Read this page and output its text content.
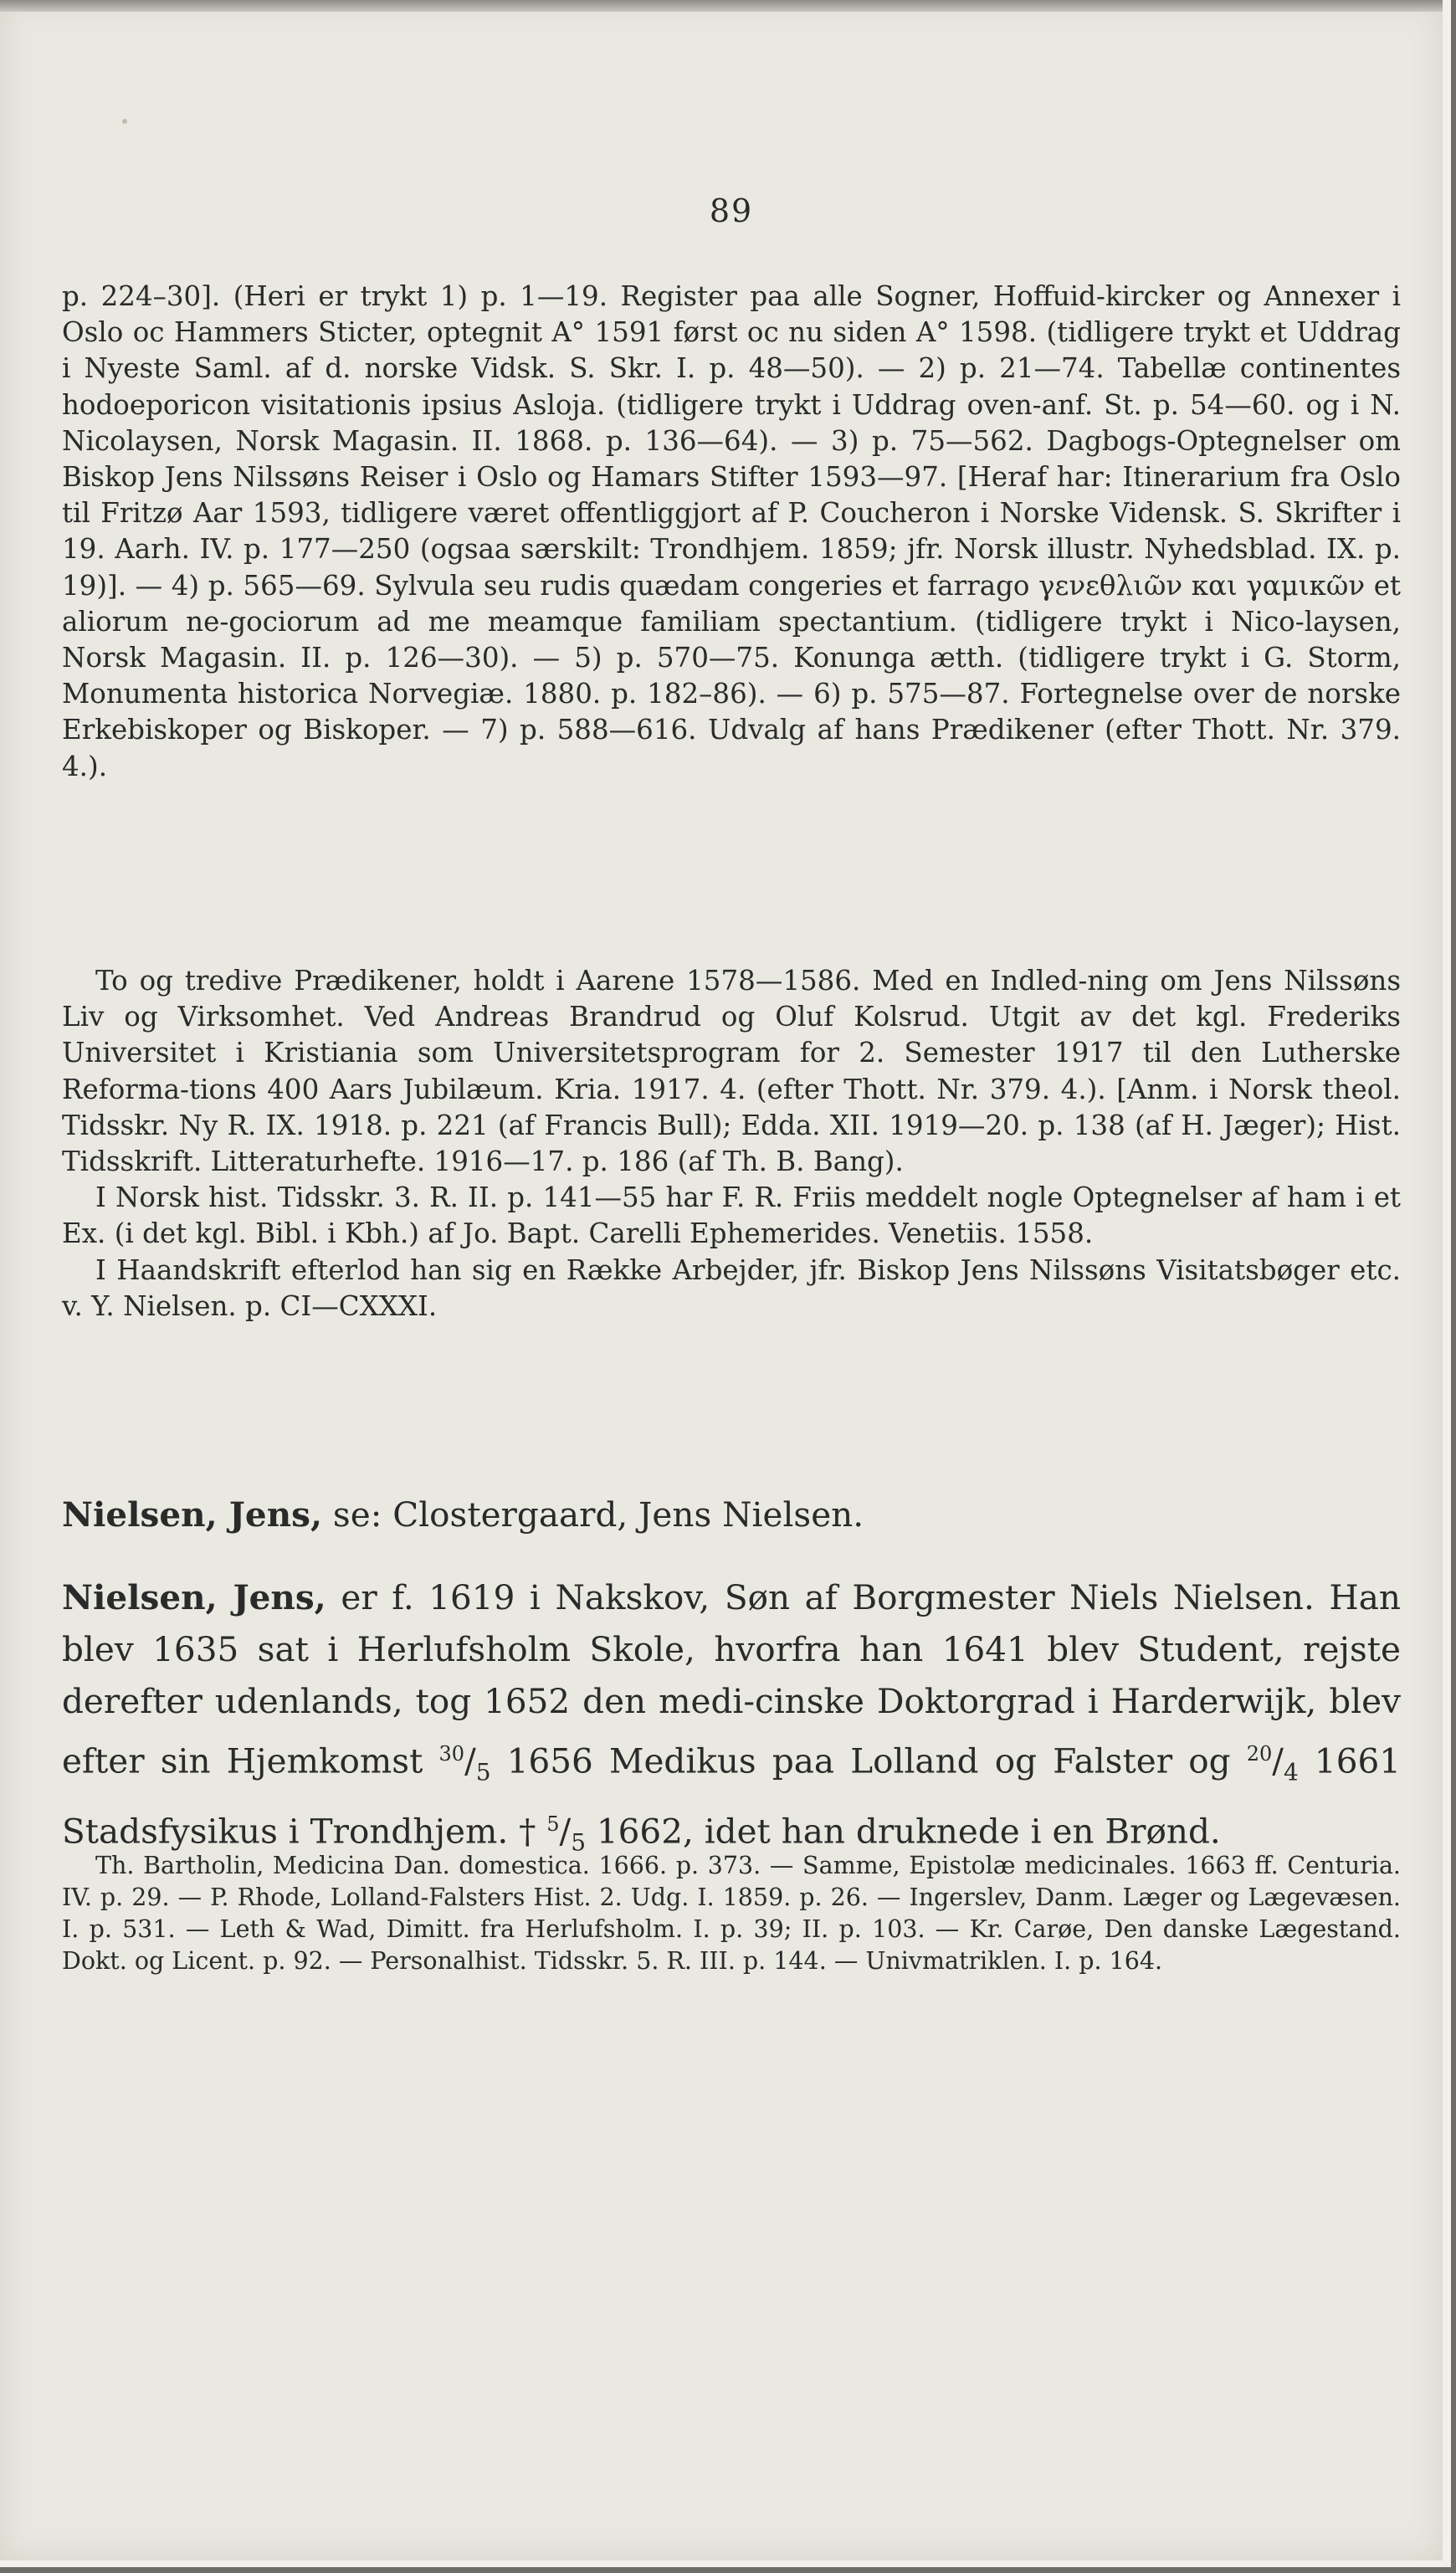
89

p. 224–30]. (Heri er trykt 1) p. 1—19. Register paa alle Sogner, Hoffuid-kircker og Annexer i Oslo oc Hammers Sticter, optegnit A° 1591 først oc nu siden A° 1598. (tidligere trykt et Uddrag i Nyeste Saml. af d. norske Vidsk. S. Skr. I. p. 48—50). — 2) p. 21—74. Tabellæ continentes hodoeporicon visitationis ipsius Asloja. (tidligere trykt i Uddrag oven-anf. St. p. 54—60. og i N. Nicolaysen, Norsk Magasin. II. 1868. p. 136—64). — 3) p. 75—562. Dagbogs-Optegnelser om Biskop Jens Nilssøns Reiser i Oslo og Hamars Stifter 1593—97. [Heraf har: Itinerarium fra Oslo til Fritzø Aar 1593, tidligere været offentliggjort af P. Coucheron i Norske Vidensk. S. Skrifter i 19. Aarh. IV. p. 177—250 (ogsaa særskilt: Trondhjem. 1859; jfr. Norsk illustr. Nyhedsblad. IX. p. 19)]. — 4) p. 565—69. Sylvula seu rudis quædam congeries et farrago γενεθλιῶν και γαμικῶν et aliorum ne-gociorum ad me meamque familiam spectantium. (tidligere trykt i Nico-laysen, Norsk Magasin. II. p. 126—30). — 5) p. 570—75. Konunga ætth. (tidligere trykt i G. Storm, Monumenta historica Norvegiæ. 1880. p. 182–86). — 6) p. 575—87. Fortegnelse over de norske Erkebiskoper og Biskoper. — 7) p. 588—616. Udvalg af hans Prædikener (efter Thott. Nr. 379. 4.).

To og tredive Prædikener, holdt i Aarene 1578—1586. Med en Indled-ning om Jens Nilssøns Liv og Virksomhet. Ved Andreas Brandrud og Oluf Kolsrud. Utgit av det kgl. Frederiks Universitet i Kristiania som Universitetsprogram for 2. Semester 1917 til den Lutherske Reforma-tions 400 Aars Jubilæum. Kria. 1917. 4. (efter Thott. Nr. 379. 4.). [Anm. i Norsk theol. Tidsskr. Ny R. IX. 1918. p. 221 (af Francis Bull); Edda. XII. 1919—20. p. 138 (af H. Jæger); Hist. Tidsskrift. Litteraturhefte. 1916—17. p. 186 (af Th. B. Bang).

I Norsk hist. Tidsskr. 3. R. II. p. 141—55 har F. R. Friis meddelt nogle Optegnelser af ham i et Ex. (i det kgl. Bibl. i Kbh.) af Jo. Bapt. Carelli Ephemerides. Venetiis. 1558.

I Haandskrift efterlod han sig en Række Arbejder, jfr. Biskop Jens Nilssøns Visitatsbøger etc. v. Y. Nielsen. p. CI—CXXXI.

Nielsen, Jens, se: Clostergaard, Jens Nielsen.
Nielsen, Jens, er f. 1619 i Nakskov, Søn af Borgmester Niels Nielsen. Han blev 1635 sat i Herlufsholm Skole, hvorfra han 1641 blev Student, rejste derefter udenlands, tog 1652 den medi-cinske Doktorgrad i Harderwijk, blev efter sin Hjemkomst $^{30}/_5$ 1656 Medikus paa Lolland og Falster og $^{20}/_4$ 1661 Stadsfysikus i Trondhjem. † $^5/_5$ 1662, idet han druknede i en Brønd.

Th. Bartholin, Medicina Dan. domestica. 1666. p. 373. — Samme, Epistolæ medicinales. 1663 ff. Centuria. IV. p. 29. — P. Rhode, Lolland-Falsters Hist. 2. Udg. I. 1859. p. 26. — Ingerslev, Danm. Læger og Lægevæsen. I. p. 531. — Leth & Wad, Dimitt. fra Herlufsholm. I. p. 39; II. p. 103. — Kr. Carøe, Den danske Lægestand. Dokt. og Licent. p. 92. — Personalhist. Tidsskr. 5. R. III. p. 144. — Univmatriklen. I. p. 164.
